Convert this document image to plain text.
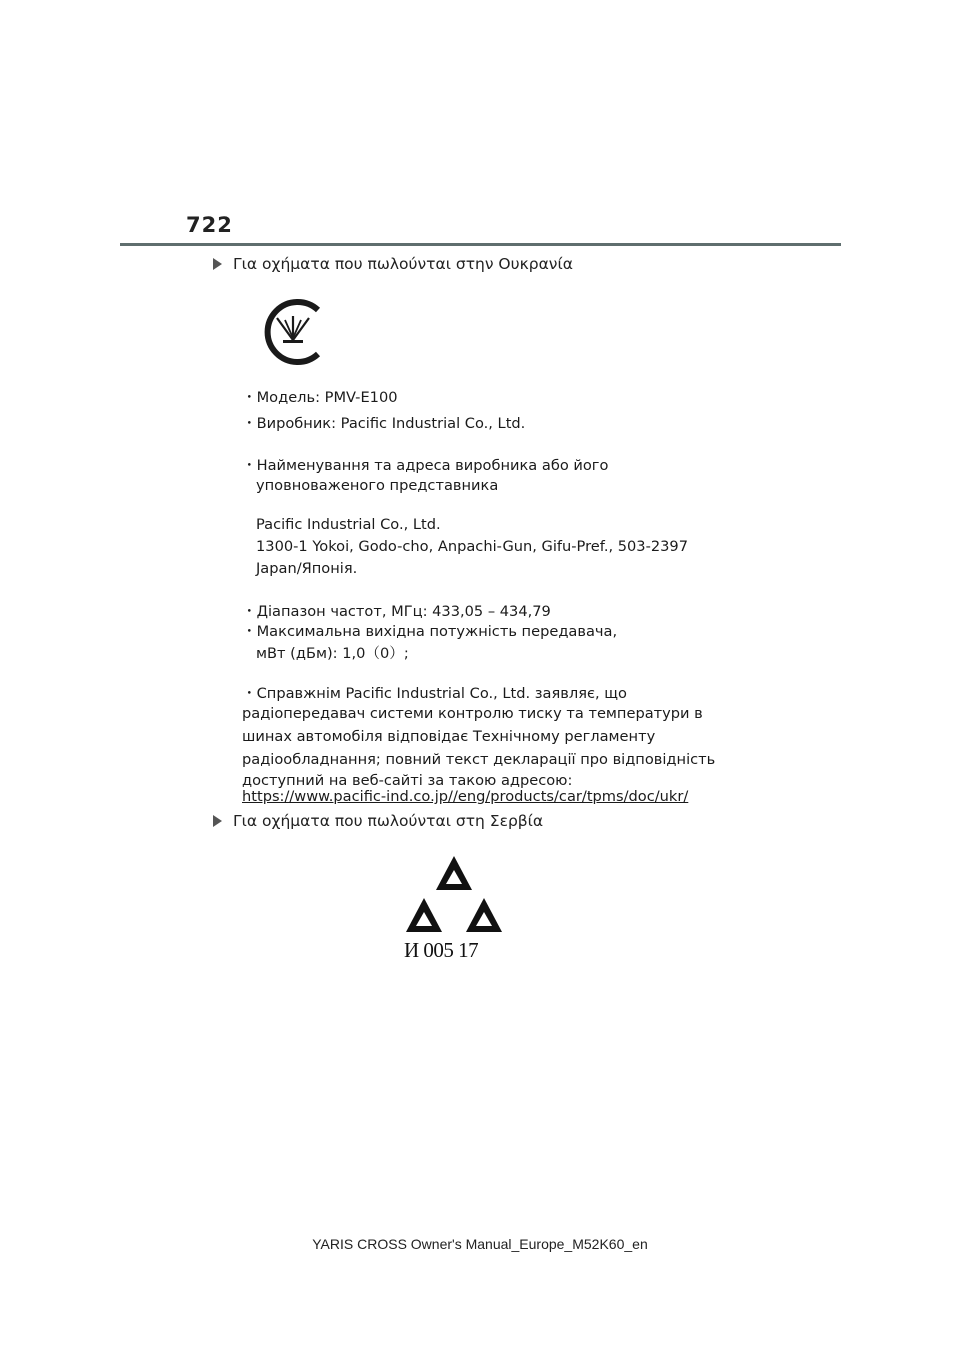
722
Για οχήματα που πωλούνται στην Ουκρανία
・Модель: PMV-E100
・Виробник: Pacific Industrial Co., Ltd.
・Найменування та адреса виробника або його
уповноваженого представника
Pacific Industrial Co., Ltd.
1300-1 Yokoi, Godo-cho, Anpachi-Gun, Gifu-Pref., 503-2397
Japan/Японія.
・Діапазон частот, МГц: 433,05 – 434,79
・Максимальна вихідна потужність передавача,
мВт (дБм): 1,0（0）;
・Справжнім Pacific Industrial Co., Ltd. заявляє, що
радіопередавач системи контролю тиску та температури в
шинах автомобіля відповідає Технічному регламенту
радіообладнання; повний текст декларації про відповідність
доступний на веб-сайті за такою адресою:
https://www.pacific-ind.co.jp//eng/products/car/tpms/doc/ukr/
Για οχήματα που πωλούνται στη Σερβία
И 005 17
YARIS CROSS Owner's Manual_Europe_M52K60_en
